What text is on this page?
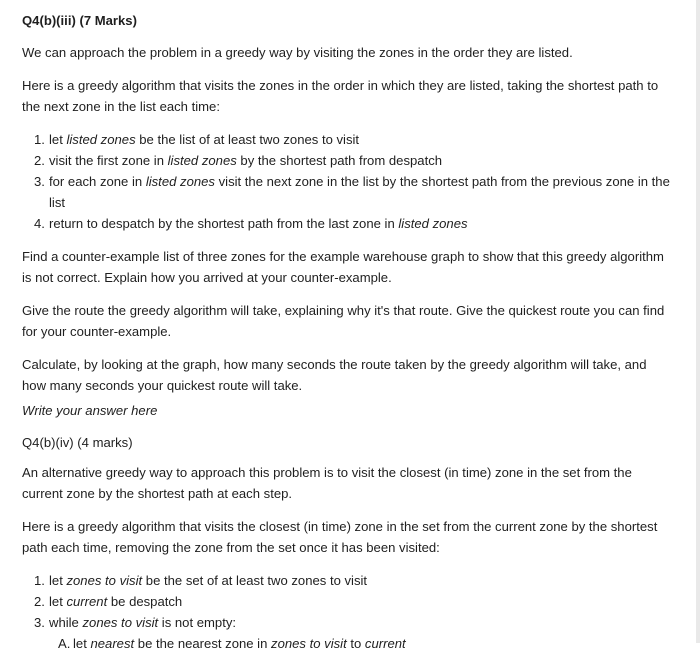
Q4(b)(iii) (7 Marks)

We can approach the problem in a greedy way by visiting the zones in the order they are listed.

Here is a greedy algorithm that visits the zones in the order in which they are listed, taking the shortest path to the next zone in the list each time:

1. let listed zones be the list of at least two zones to visit
2. visit the first zone in listed zones by the shortest path from despatch
3. for each zone in listed zones visit the next zone in the list by the shortest path from the previous zone in the list
4. return to despatch by the shortest path from the last zone in listed zones

Find a counter-example list of three zones for the example warehouse graph to show that this greedy algorithm is not correct. Explain how you arrived at your counter-example.

Give the route the greedy algorithm will take, explaining why it's that route. Give the quickest route you can find for your counter-example.

Calculate, by looking at the graph, how many seconds the route taken by the greedy algorithm will take, and how many seconds your quickest route will take.

Write your answer here

Q4(b)(iv) (4 marks)

An alternative greedy way to approach this problem is to visit the closest (in time) zone in the set from the current zone by the shortest path at each step.

Here is a greedy algorithm that visits the closest (in time) zone in the set from the current zone by the shortest path each time, removing the zone from the set once it has been visited:

1. let zones to visit be the set of at least two zones to visit
2. let current be despatch
3. while zones to visit is not empty:
A. let nearest be the nearest zone in zones to visit to current
